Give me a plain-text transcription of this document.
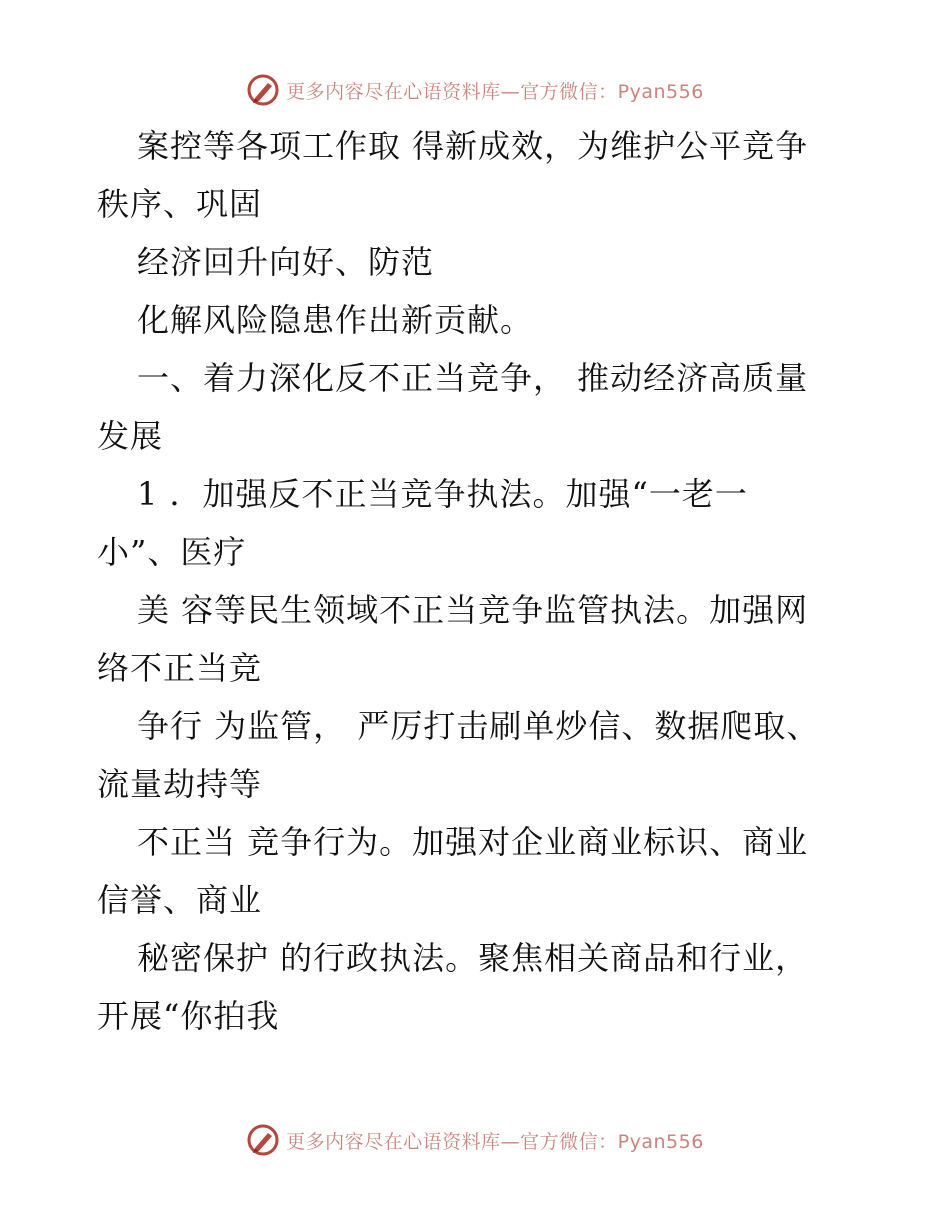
更多内容尽在心语资料库—官方微信：Pyan556
案控等各项工作取 得新成效，为维护公平竞争
秩序、巩固
经济回升向好、防范
化解风险隐患作出新贡献。
一、着力深化反不正当竞争， 推动经济高质量
发展
1 ．加强反不正当竞争执法。加强“一老一
小”、医疗
美 容等民生领域不正当竞争监管执法。加强网
络不正当竞
争行 为监管， 严厉打击刷单炒信、数据爬取、
流量劫持等
不正当 竞争行为。加强对企业商业标识、商业
信誉、商业
秘密保护 的行政执法。聚焦相关商品和行业，
开展“你拍我
更多内容尽在心语资料库—官方微信：Pyan556
